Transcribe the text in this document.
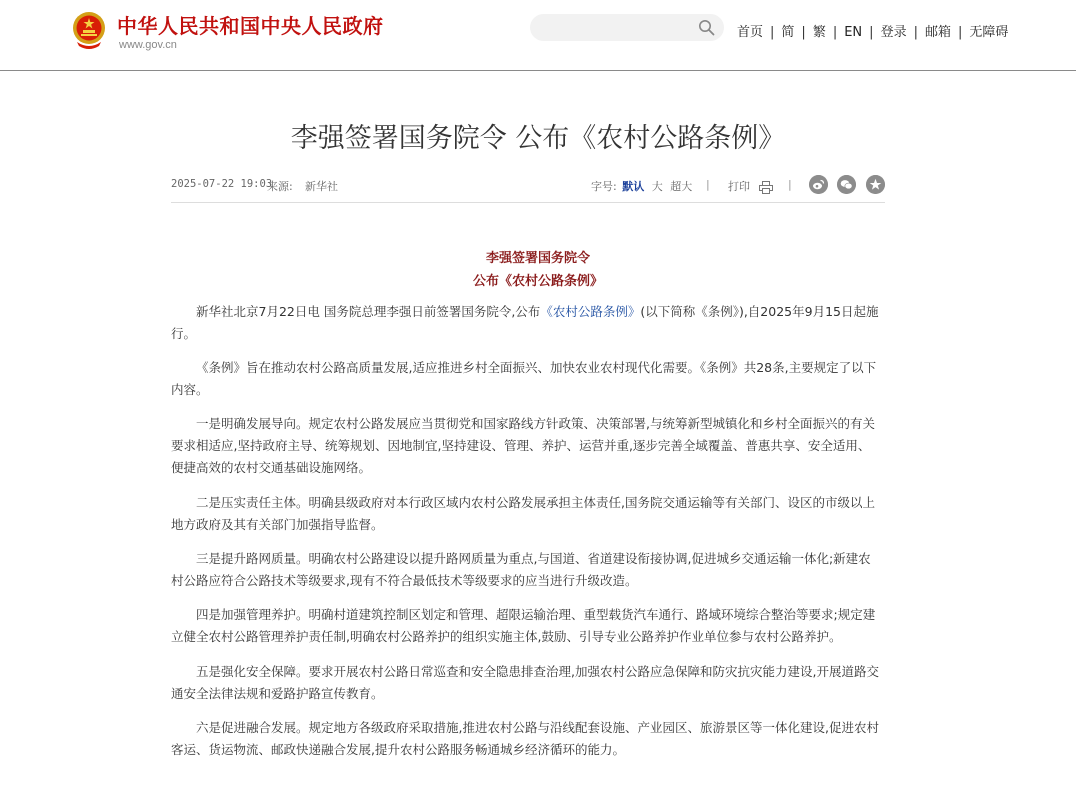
中华人民共和国中央人民政府
www.gov.cn
首页 | 简 | 繁 | EN | 登录 | 邮箱 | 无障碍
李强签署国务院令 公布《农村公路条例》
2025-07-22 19:03
来源: 新华社	字号: 默认 大 超大 | 打印	|
李强签署国务院令
公布《农村公路条例》

新华社北京7月22日电 国务院总理李强日前签署国务院令,公布《农村公路条例》(以下简称《条例》),自2025年9月15日起施行。

《条例》旨在推动农村公路高质量发展,适应推进乡村全面振兴、加快农业农村现代化需要。《条例》共28条,主要规定了以下内容。

一是明确发展导向。规定农村公路发展应当贯彻党和国家路线方针政策、决策部署,与统筹新型城镇化和乡村全面振兴的有关要求相适应,坚持政府主导、统筹规划、因地制宜,坚持建设、管理、养护、运营并重,逐步完善全域覆盖、普惠共享、安全适用、便捷高效的农村交通基础设施网络。

二是压实责任主体。明确县级政府对本行政区域内农村公路发展承担主体责任,国务院交通运输等有关部门、设区的市级以上地方政府及其有关部门加强指导监督。

三是提升路网质量。明确农村公路建设以提升路网质量为重点,与国道、省道建设衔接协调,促进城乡交通运输一体化;新建农村公路应符合公路技术等级要求,现有不符合最低技术等级要求的应当进行升级改造。

四是加强管理养护。明确村道建筑控制区划定和管理、超限运输治理、重型载货汽车通行、路域环境综合整治等要求;规定建立健全农村公路管理养护责任制,明确农村公路养护的组织实施主体,鼓励、引导专业公路养护作业单位参与农村公路养护。

五是强化安全保障。要求开展农村公路日常巡查和安全隐患排查治理,加强农村公路应急保障和防灾抗灾能力建设,开展道路交通安全法律法规和爱路护路宣传教育。

六是促进融合发展。规定地方各级政府采取措施,推进农村公路与沿线配套设施、产业园区、旅游景区等一体化建设,促进农村客运、货运物流、邮政快递融合发展,提升农村公路服务畅通城乡经济循环的能力。
